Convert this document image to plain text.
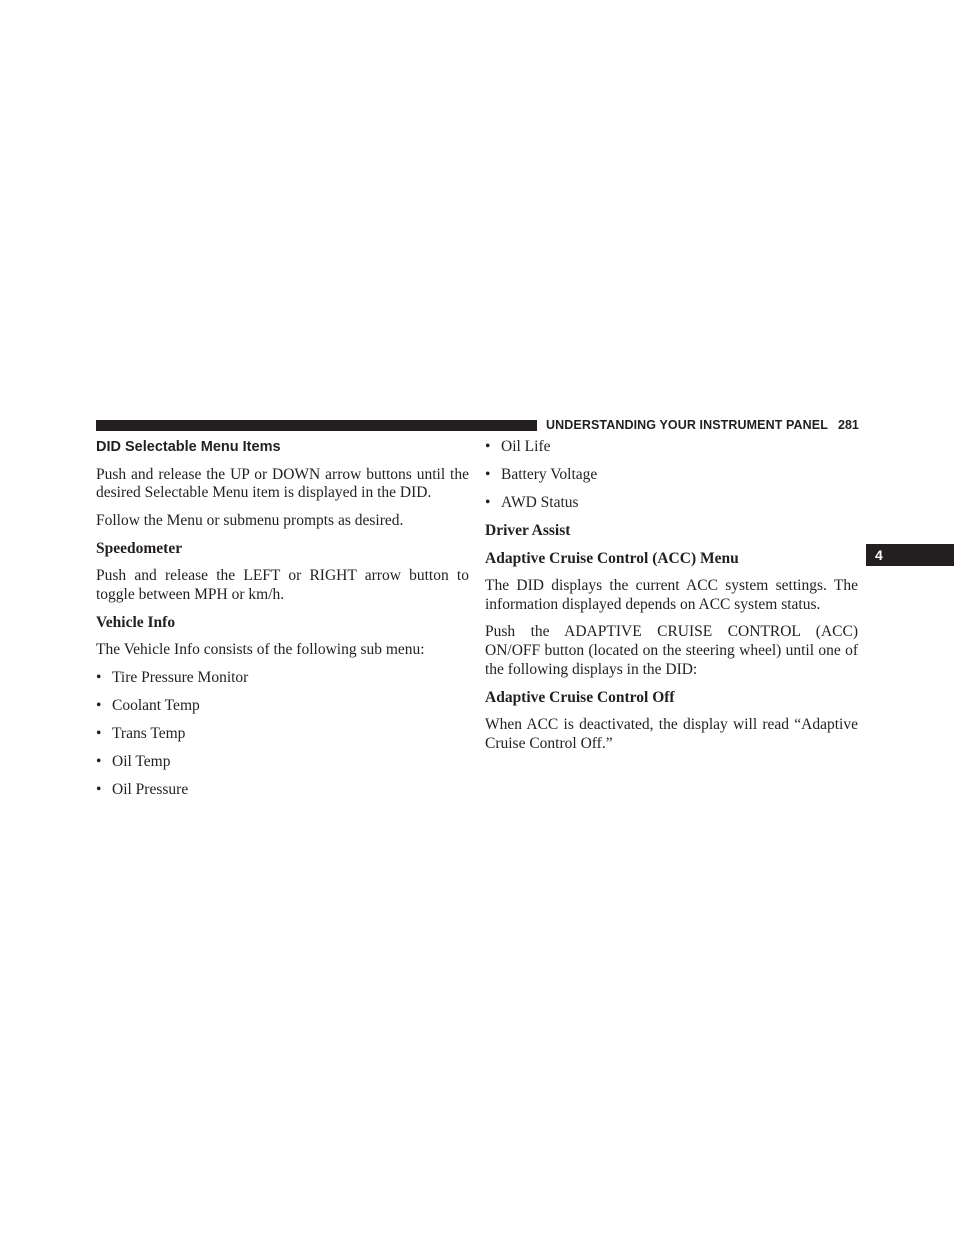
UNDERSTANDING YOUR INSTRUMENT PANEL 281
4
DID Selectable Menu Items

Push and release the UP or DOWN arrow buttons until the desired Selectable Menu item is displayed in the DID.

Follow the Menu or submenu prompts as desired.

Speedometer

Push and release the LEFT or RIGHT arrow button to toggle between MPH or km/h.

Vehicle Info

The Vehicle Info consists of the following sub menu:

• Tire Pressure Monitor
• Coolant Temp
• Trans Temp
• Oil Temp
• Oil Pressure
• Oil Life
• Battery Voltage
• AWD Status
Driver Assist
Adaptive Cruise Control (ACC) Menu

The DID displays the current ACC system settings. The information displayed depends on ACC system status.

Push the ADAPTIVE CRUISE CONTROL (ACC) ON/OFF button (located on the steering wheel) until one of the following displays in the DID:

Adaptive Cruise Control Off

When ACC is deactivated, the display will read “Adaptive Cruise Control Off.”
